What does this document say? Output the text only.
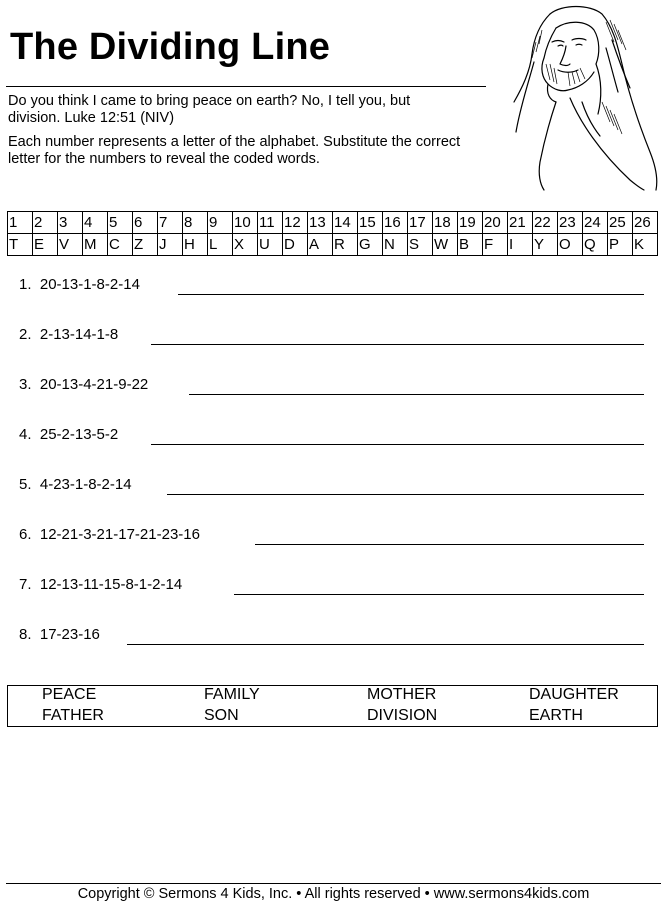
The Dividing Line
Do you think I came to bring peace on earth? No, I tell you, but division. Luke 12:51 (NIV)
Each number represents a letter of the alphabet. Substitute the correct letter for the numbers to reveal the coded words.
1	2	3	4	5	6	7	8	9	10	11	12	13	14	15	16	17	18	19	20	21	22	23	24	25	26
T	E	V	M	C	Z	J	H	L	X	U	D	A	R	G	N	S	W	B	F	I	Y	O	Q	P	K
1. 20-13-1-8-2-14
2. 2-13-14-1-8
3. 20-13-4-21-9-22
4. 25-2-13-5-2
5. 4-23-1-8-2-14
6. 12-21-3-21-17-21-23-16
7. 12-13-11-15-8-1-2-14
8. 17-23-16
PEACE	FAMILY	MOTHER	DAUGHTER
FATHER	SON	DIVISION	EARTH
Copyright © Sermons 4 Kids, Inc. • All rights reserved • www.sermons4kids.com
